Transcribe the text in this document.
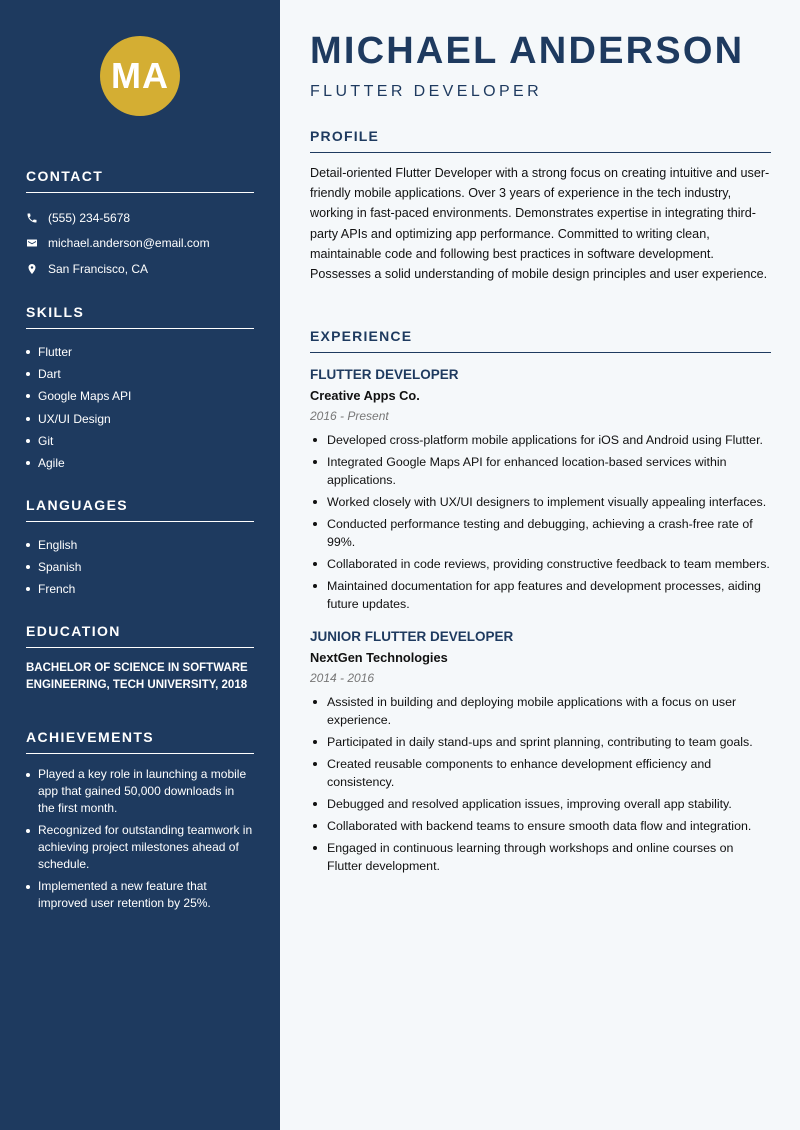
MA
CONTACT
(555) 234-5678
michael.anderson@email.com
San Francisco, CA
SKILLS
Flutter
Dart
Google Maps API
UX/UI Design
Git
Agile
LANGUAGES
English
Spanish
French
EDUCATION

BACHELOR OF SCIENCE IN SOFTWARE ENGINEERING, TECH UNIVERSITY, 2018

ACHIEVEMENTS
Played a key role in launching a mobile app that gained 50,000 downloads in the first month.
Recognized for outstanding teamwork in achieving project milestones ahead of schedule.
Implemented a new feature that improved user retention by 25%.
MICHAEL ANDERSON
FLUTTER DEVELOPER
PROFILE

Detail-oriented Flutter Developer with a strong focus on creating intuitive and user-friendly mobile applications. Over 3 years of experience in the tech industry, working in fast-paced environments. Demonstrates expertise in integrating third-party APIs and optimizing app performance. Committed to writing clean, maintainable code and following best practices in software development. Possesses a solid understanding of mobile design principles and user experience.

EXPERIENCE
FLUTTER DEVELOPER
Creative Apps Co.
2016 - Present
Developed cross-platform mobile applications for iOS and Android using Flutter.
Integrated Google Maps API for enhanced location-based services within applications.
Worked closely with UX/UI designers to implement visually appealing interfaces.
Conducted performance testing and debugging, achieving a crash-free rate of 99%.
Collaborated in code reviews, providing constructive feedback to team members.
Maintained documentation for app features and development processes, aiding future updates.
JUNIOR FLUTTER DEVELOPER
NextGen Technologies
2014 - 2016
Assisted in building and deploying mobile applications with a focus on user experience.
Participated in daily stand-ups and sprint planning, contributing to team goals.
Created reusable components to enhance development efficiency and consistency.
Debugged and resolved application issues, improving overall app stability.
Collaborated with backend teams to ensure smooth data flow and integration.
Engaged in continuous learning through workshops and online courses on Flutter development.
